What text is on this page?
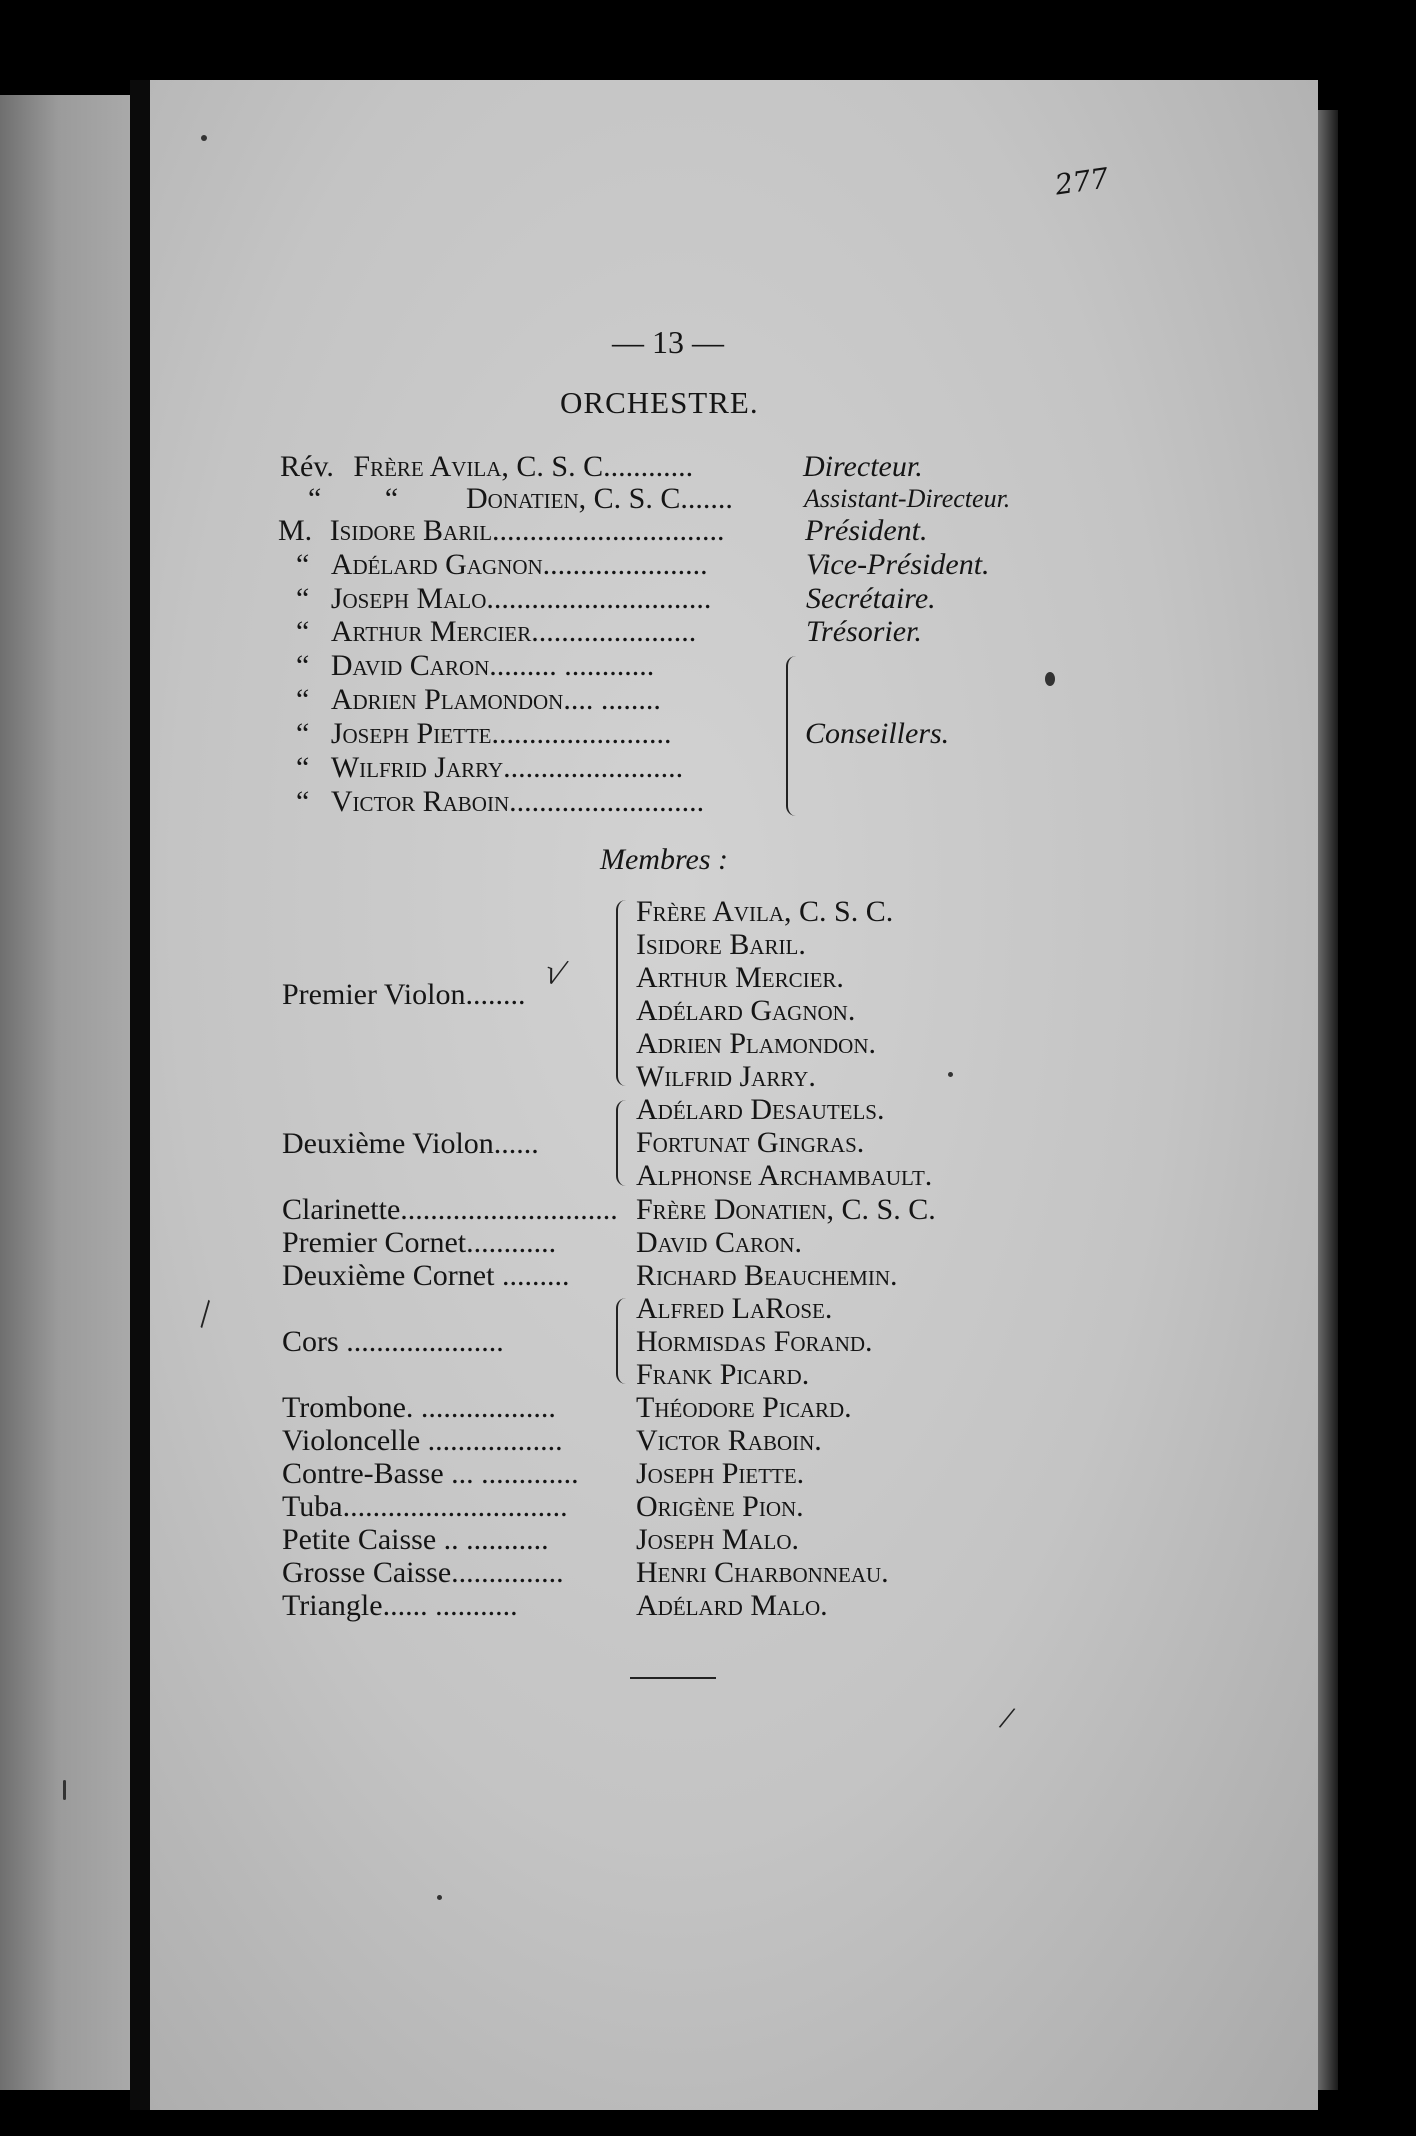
277
— 13 —
ORCHESTRE.
Rév. Frère Avila, C. S. C............	Directeur.
“ “ Donatien, C. S. C.......	Assistant-Directeur.
M. Isidore Baril...............................	Président.
“ Adélard Gagnon......................	Vice-Président.
“ Joseph Malo..............................	Secrétaire.
“ Arthur Mercier......................	Trésorier.
“ David Caron......... ............
“ Adrien Plamondon.... ........
“ Joseph Piette........................
“ Wilfrid Jarry........................
“ Victor Raboin..........................
Conseillers.
Membres :
Premier Violon........
Frère Avila, C. S. C.
Isidore Baril.
Arthur Mercier.
Adélard Gagnon.
Adrien Plamondon.
Wilfrid Jarry.
Deuxième Violon......
Adélard Desautels.
Fortunat Gingras.
Alphonse Archambault.
Clarinette............................. Frère Donatien, C. S. C.
Premier Cornet............	David Caron.
Deuxième Cornet ......... Richard Beauchemin.
Cors .....................
Alfred LaRose.
Hormisdas Forand.
Frank Picard.
Trombone. ..................	Théodore Picard.
Violoncelle .................. Victor Raboin.
Contre-Basse ... ............. Joseph Piette.
Tuba.............................. Origène Pion.
Petite Caisse .. ...........	Joseph Malo.
Grosse Caisse............... Henri Charbonneau.
Triangle...... ...........	Adélard Malo.
√
\
/
